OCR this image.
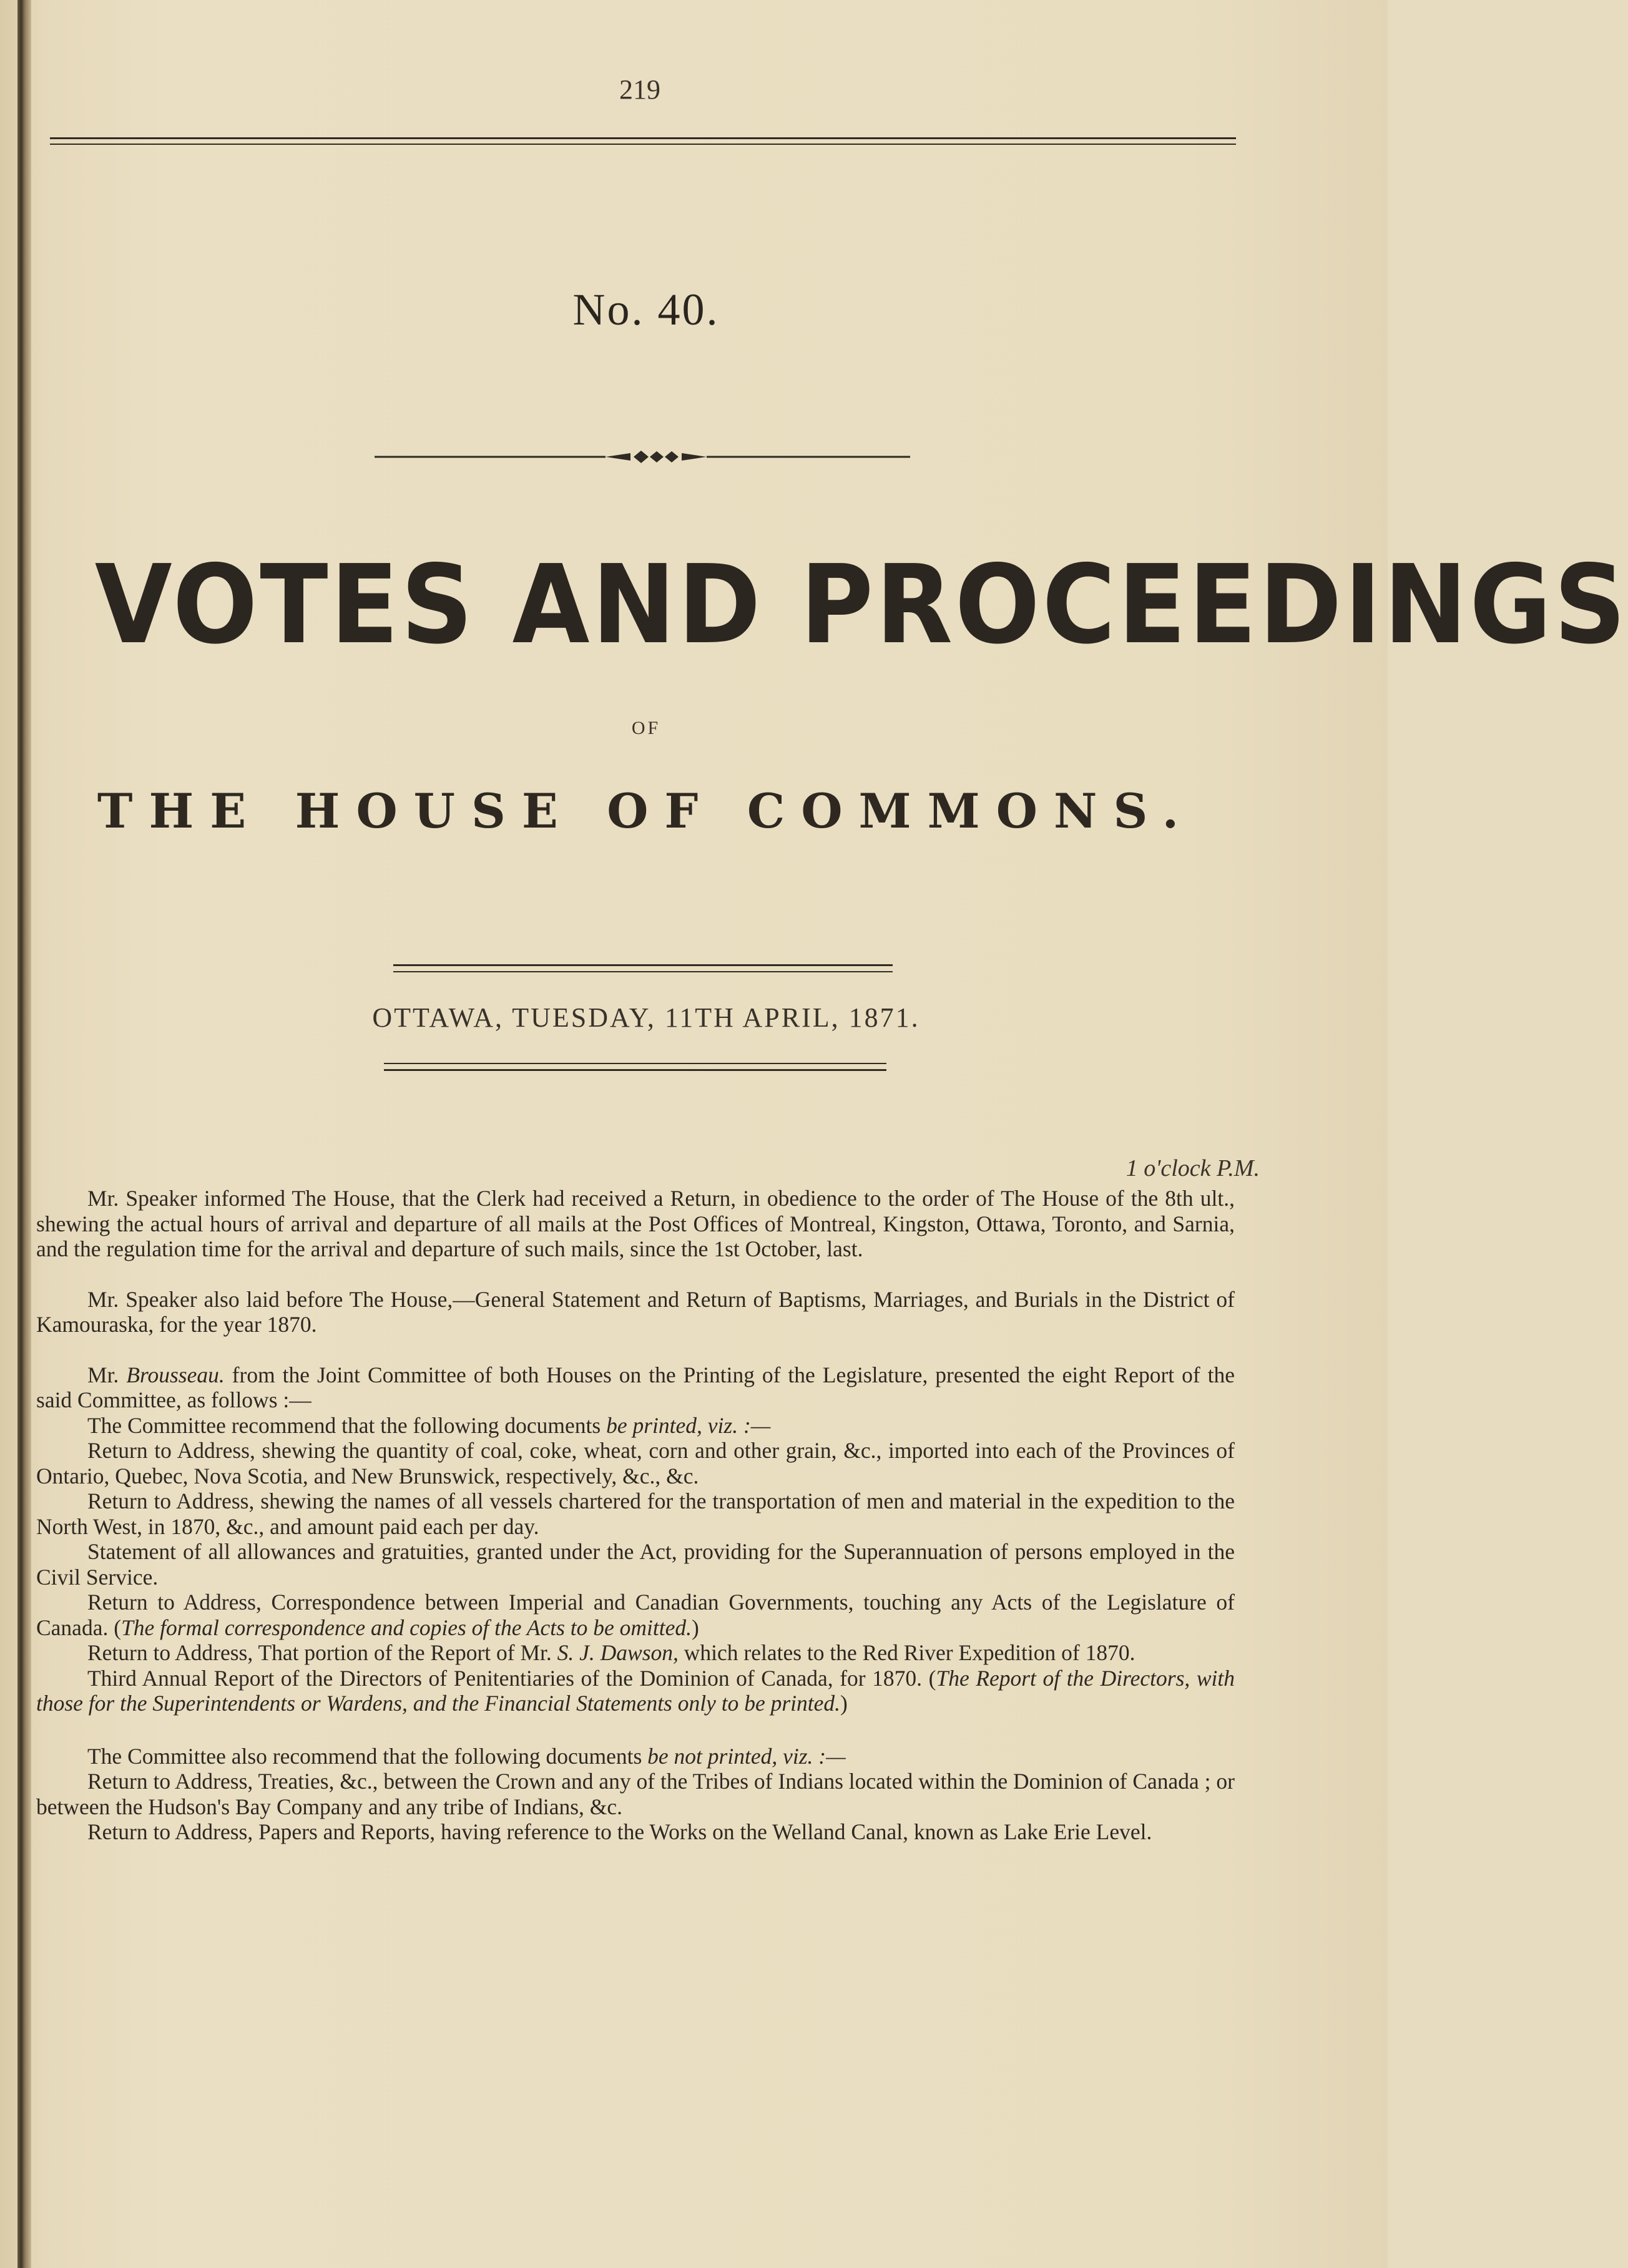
219
No. 40.
VOTES AND PROCEEDINGS
OF
THE HOUSE OF COMMONS.
OTTAWA, TUESDAY, 11TH APRIL, 1871.
1 o'clock P.M.

Mr. Speaker informed The House, that the Clerk had received a Return, in obedience to the order of The House of the 8th ult., shewing the actual hours of arrival and departure of all mails at the Post Offices of Montreal, Kingston, Ottawa, Toronto, and Sarnia, and the regulation time for the arrival and departure of such mails, since the 1st October, last.

Mr. Speaker also laid before The House,—General Statement and Return of Baptisms, Marriages, and Burials in the District of Kamouraska, for the year 1870.

Mr. Brousseau. from the Joint Committee of both Houses on the Printing of the Legislature, presented the eight Report of the said Committee, as follows :—

The Committee recommend that the following documents be printed, viz. :—

Return to Address, shewing the quantity of coal, coke, wheat, corn and other grain, &c., imported into each of the Provinces of Ontario, Quebec, Nova Scotia, and New Brunswick, respectively, &c., &c.

Return to Address, shewing the names of all vessels chartered for the transportation of men and material in the expedition to the North West, in 1870, &c., and amount paid each per day.

Statement of all allowances and gratuities, granted under the Act, providing for the Superannuation of persons employed in the Civil Service.

Return to Address, Correspondence between Imperial and Canadian Governments, touching any Acts of the Legislature of Canada. (The formal correspondence and copies of the Acts to be omitted.)

Return to Address, That portion of the Report of Mr. S. J. Dawson, which relates to the Red River Expedition of 1870.

Third Annual Report of the Directors of Penitentiaries of the Dominion of Canada, for 1870. (The Report of the Directors, with those for the Superintendents or Wardens, and the Financial Statements only to be printed.)

The Committee also recommend that the following documents be not printed, viz. :—

Return to Address, Treaties, &c., between the Crown and any of the Tribes of Indians located within the Dominion of Canada ; or between the Hudson's Bay Company and any tribe of Indians, &c.

Return to Address, Papers and Reports, having reference to the Works on the Welland Canal, known as Lake Erie Level.
